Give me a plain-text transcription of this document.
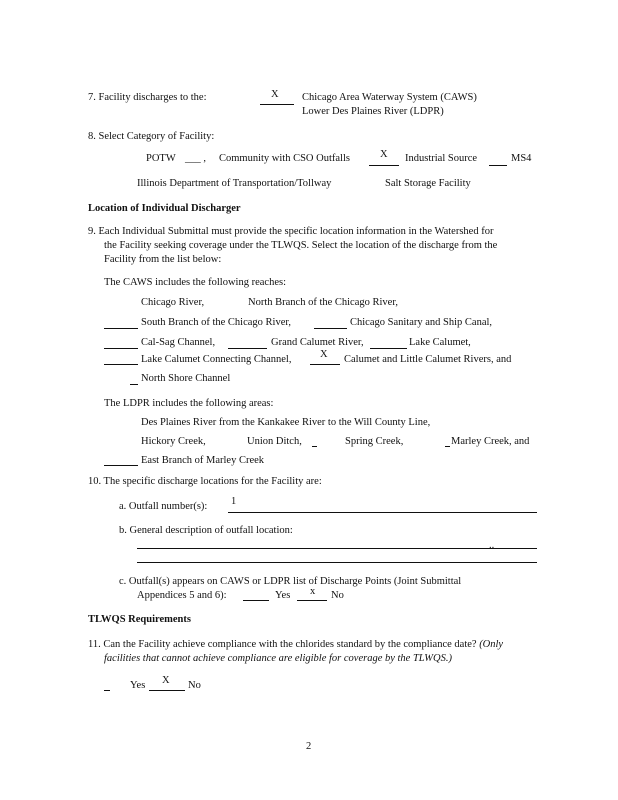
7. Facility discharges to the:	X Chicago Area Waterway System (CAWS)
Lower Des Plaines River (LDPR)
8. Select Category of Facility:
POTW ___ , Community with CSO Outfalls	X Industrial Source	MS4
Illinois Department of Transportation/Tollway	Salt Storage Facility
Location of Individual Discharger
9. Each Individual Submittal must provide the specific location information in the Watershed for
the Facility seeking coverage under the TLWQS. Select the location of the discharge from the
Facility from the list below:
The CAWS includes the following reaches:
Chicago River,	North Branch of the Chicago River,
South Branch of the Chicago River,	Chicago Sanitary and Ship Canal,
Cal-Sag Channel,	Grand Calumet River,	Lake Calumet,
Lake Calumet Connecting Channel,	X Calumet and Little Calumet Rivers, and
North Shore Channel
The LDPR includes the following areas:
Des Plaines River from the Kankakee River to the Will County Line,
Hickory Creek,	Union Ditch,	Spring Creek,	Marley Creek, and
East Branch of Marley Creek
10. The specific discharge locations for the Facility are:
a. Outfall number(s): 1
b. General description of outfall location:
..
c. Outfall(s) appears on CAWS or LDPR list of Discharge Points (Joint Submittal
Appendices 5 and 6):	Yes x No
TLWQS Requirements
11. Can the Facility achieve compliance with the chlorides standard by the compliance date? (Only
facilities that cannot achieve compliance are eligible for coverage by the TLWQS.)
Yes X No
2
